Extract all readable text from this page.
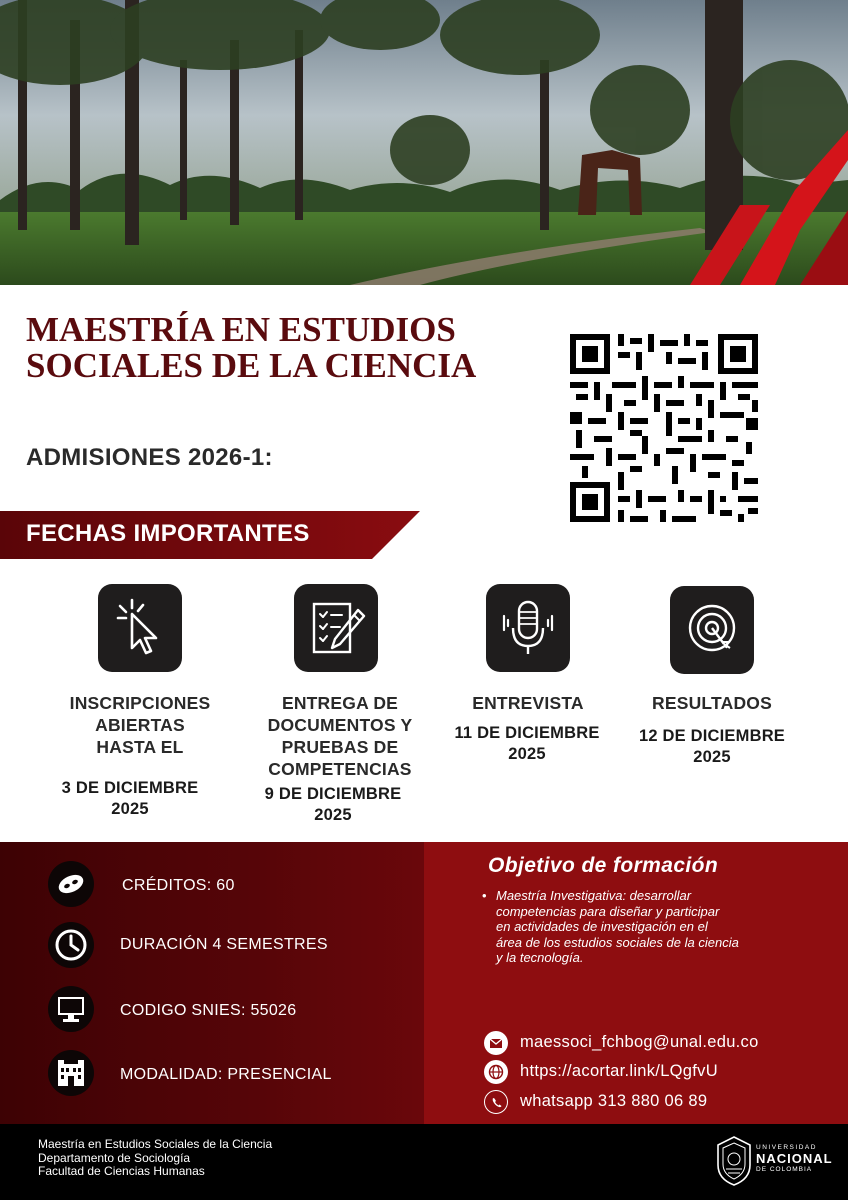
MAESTRÍA EN ESTUDIOS
SOCIALES DE LA CIENCIA
ADMISIONES 2026-1:
FECHAS IMPORTANTES
INSCRIPCIONES
ABIERTAS
HASTA EL
3 DE DICIEMBRE
2025
ENTREGA DE
DOCUMENTOS Y
PRUEBAS DE
COMPETENCIAS
9 DE DICIEMBRE
2025
ENTREVISTA
11 DE DICIEMBRE
2025
RESULTADOS
12 DE DICIEMBRE
2025
CRÉDITOS: 60
DURACIÓN 4 SEMESTRES
CODIGO SNIES: 55026
MODALIDAD: PRESENCIAL
Objetivo de formación
• Maestría Investigativa: desarrollar
competencias para diseñar y participar
en actividades de investigación en el
área de los estudios sociales de la ciencia
y la tecnología.
maessoci_fchbog@unal.edu.co
https://acortar.link/LQgfvU
whatsapp 313 880 06 89
Maestría en Estudios Sociales de la Ciencia
Departamento de Sociología
Facultad de Ciencias Humanas
UNIVERSIDAD
NACIONAL
DE COLOMBIA
